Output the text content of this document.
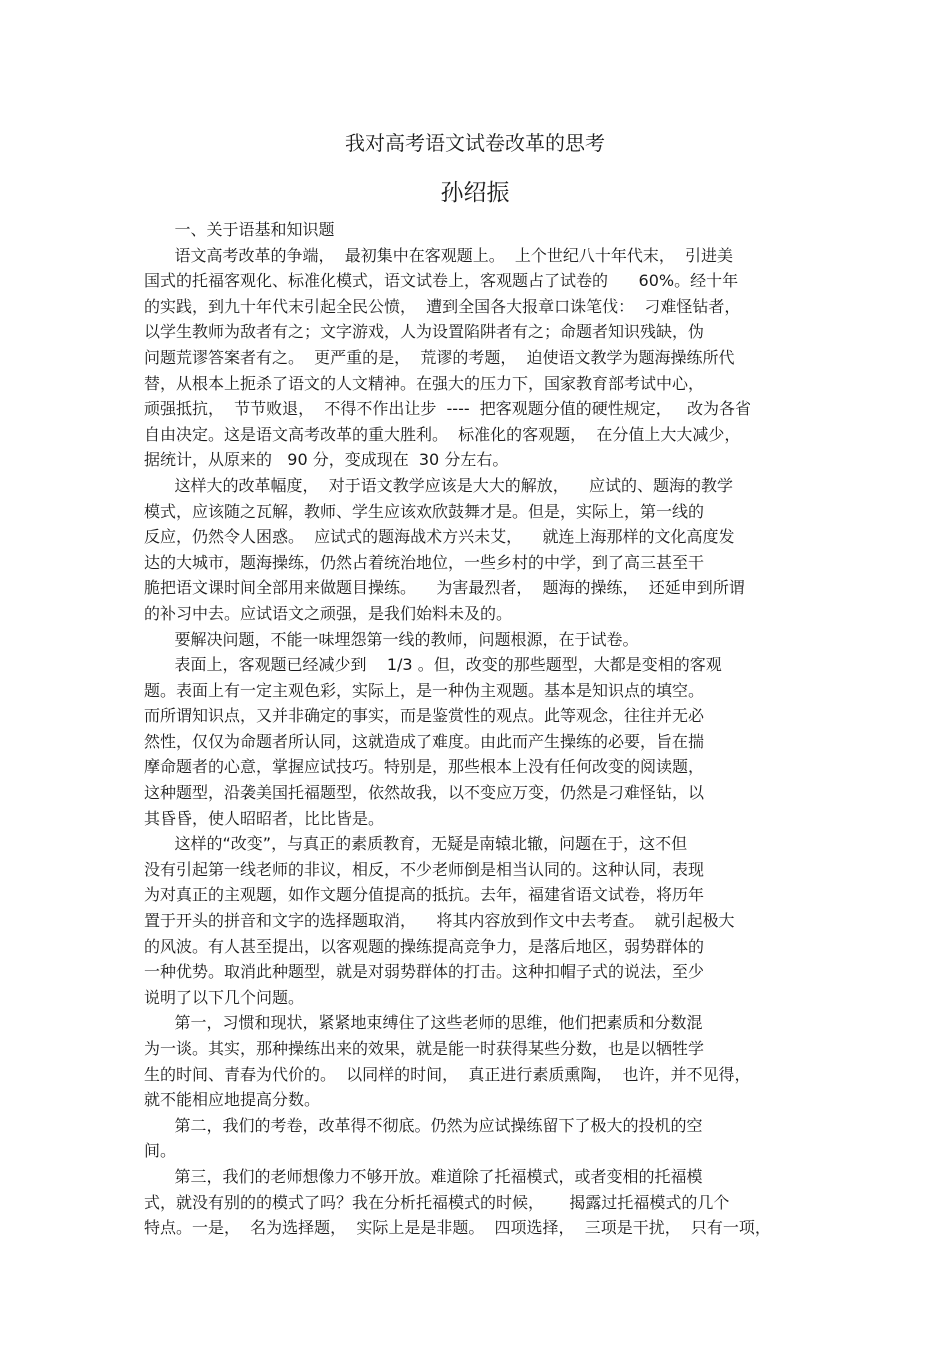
我对高考语文试卷改革的思考
孙绍振
一、关于语基和知识题
语文高考改革的争端，  最初集中在客观题上。  上个世纪八十年代末，  引进美
国式的托福客观化、标准化模式，语文试卷上，客观题占了试卷的      60%。经十年
的实践，到九十年代末引起全民公愤，  遭到全国各大报章口诛笔伐：  刁难怪钻者，
以学生教师为敌者有之；文字游戏，人为设置陷阱者有之；命题者知识残缺，伪
问题荒谬答案者有之。  更严重的是，  荒谬的考题，  迫使语文教学为题海操练所代
替，从根本上扼杀了语文的人文精神。在强大的压力下，国家教育部考试中心，
顽强抵抗，  节节败退，  不得不作出让步  ----  把客观题分值的硬性规定，   改为各省
自由决定。这是语文高考改革的重大胜利。  标准化的客观题，  在分值上大大减少，
据统计，从原来的   90 分，变成现在  30 分左右。
这样大的改革幅度，  对于语文教学应该是大大的解放，    应试的、题海的教学
模式，应该随之瓦解，教师、学生应该欢欣鼓舞才是。但是，实际上，第一线的
反应，仍然令人困惑。  应试式的题海战术方兴未艾，    就连上海那样的文化高度发
达的大城市，题海操练，仍然占着统治地位，一些乡村的中学，到了高三甚至干
脆把语文课时间全部用来做题目操练。    为害最烈者，  题海的操练，  还延申到所谓
的补习中去。应试语文之顽强，是我们始料未及的。
要解决问题，不能一味埋怨第一线的教师，问题根源，在于试卷。
表面上，客观题已经减少到    1/3 。但，改变的那些题型，大都是变相的客观
题。表面上有一定主观色彩，实际上，是一种伪主观题。基本是知识点的填空。
而所谓知识点，又并非确定的事实，而是鉴赏性的观点。此等观念，往往并无必
然性，仅仅为命题者所认同，这就造成了难度。由此而产生操练的必要，旨在揣
摩命题者的心意，掌握应试技巧。特别是，那些根本上没有任何改变的阅读题，
这种题型，沿袭美国托福题型，依然故我，以不变应万变，仍然是刁难怪钻，以
其昏昏，使人昭昭者，比比皆是。
这样的“改变”，与真正的素质教育，无疑是南辕北辙，问题在于，这不但
没有引起第一线老师的非议，相反，不少老师倒是相当认同的。这种认同，表现
为对真正的主观题，如作文题分值提高的抵抗。去年，福建省语文试卷，将历年
置于开头的拼音和文字的选择题取消，    将其内容放到作文中去考查。  就引起极大
的风波。有人甚至提出，以客观题的操练提高竞争力，是落后地区，弱势群体的
一种优势。取消此种题型，就是对弱势群体的打击。这种扣帽子式的说法，至少
说明了以下几个问题。
第一，习惯和现状，紧紧地束缚住了这些老师的思维，他们把素质和分数混
为一谈。其实，那种操练出来的效果，就是能一时获得某些分数，也是以牺牲学
生的时间、青春为代价的。  以同样的时间，  真正进行素质熏陶，  也许，并不见得，
就不能相应地提高分数。
第二，我们的考卷，改革得不彻底。仍然为应试操练留下了极大的投机的空
间。
第三，我们的老师想像力不够开放。难道除了托福模式，或者变相的托福模
式，就没有别的的模式了吗？我在分析托福模式的时候，     揭露过托福模式的几个
特点。一是，  名为选择题，  实际上是是非题。  四项选择，  三项是干扰，  只有一项，
